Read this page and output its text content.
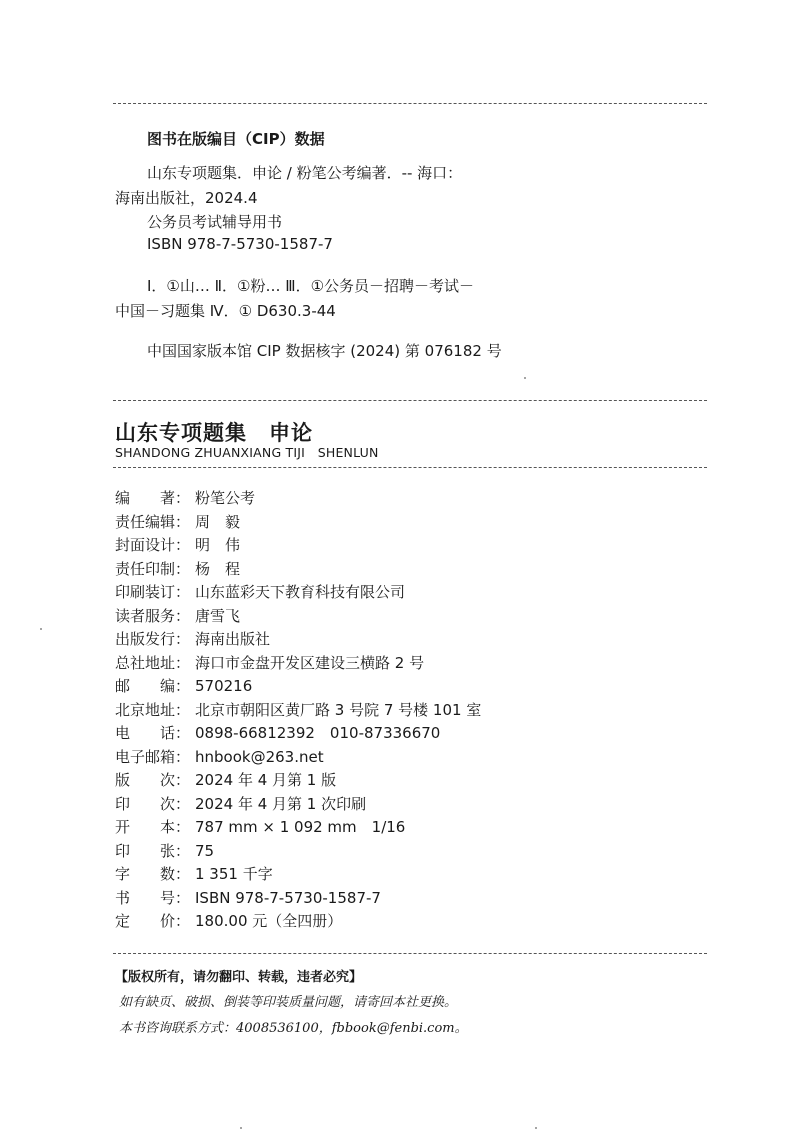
图书在版编目（CIP）数据
山东专项题集．申论 / 粉笔公考编著．-- 海口：
海南出版社，2024.4
公务员考试辅导用书
ISBN 978-7-5730-1587-7
Ⅰ．①山… Ⅱ．①粉… Ⅲ．①公务员－招聘－考试－
中国－习题集 Ⅳ．① D630.3-44
中国国家版本馆 CIP 数据核字 (2024) 第 076182 号
山东专项题集　申论
SHANDONG ZHUANXIANG TIJI　SHENLUN
编　　著： 粉笔公考
责任编辑： 周　毅
封面设计： 明　伟
责任印制： 杨　程
印刷装订： 山东蓝彩天下教育科技有限公司
读者服务： 唐雪飞
出版发行： 海南出版社
总社地址： 海口市金盘开发区建设三横路 2 号
邮　　编： 570216
北京地址： 北京市朝阳区黄厂路 3 号院 7 号楼 101 室
电　　话： 0898-66812392　010-87336670
电子邮箱： hnbook@263.net
版　　次： 2024 年 4 月第 1 版
印　　次： 2024 年 4 月第 1 次印刷
开　　本： 787 mm × 1 092 mm　1/16
印　　张： 75
字　　数： 1 351 千字
书　　号： ISBN 978-7-5730-1587-7
定　　价： 180.00 元（全四册）
【版权所有，请勿翻印、转载，违者必究】
如有缺页、破损、倒装等印装质量问题，请寄回本社更换。
本书咨询联系方式：4008536100，fbbook@fenbi.com。
